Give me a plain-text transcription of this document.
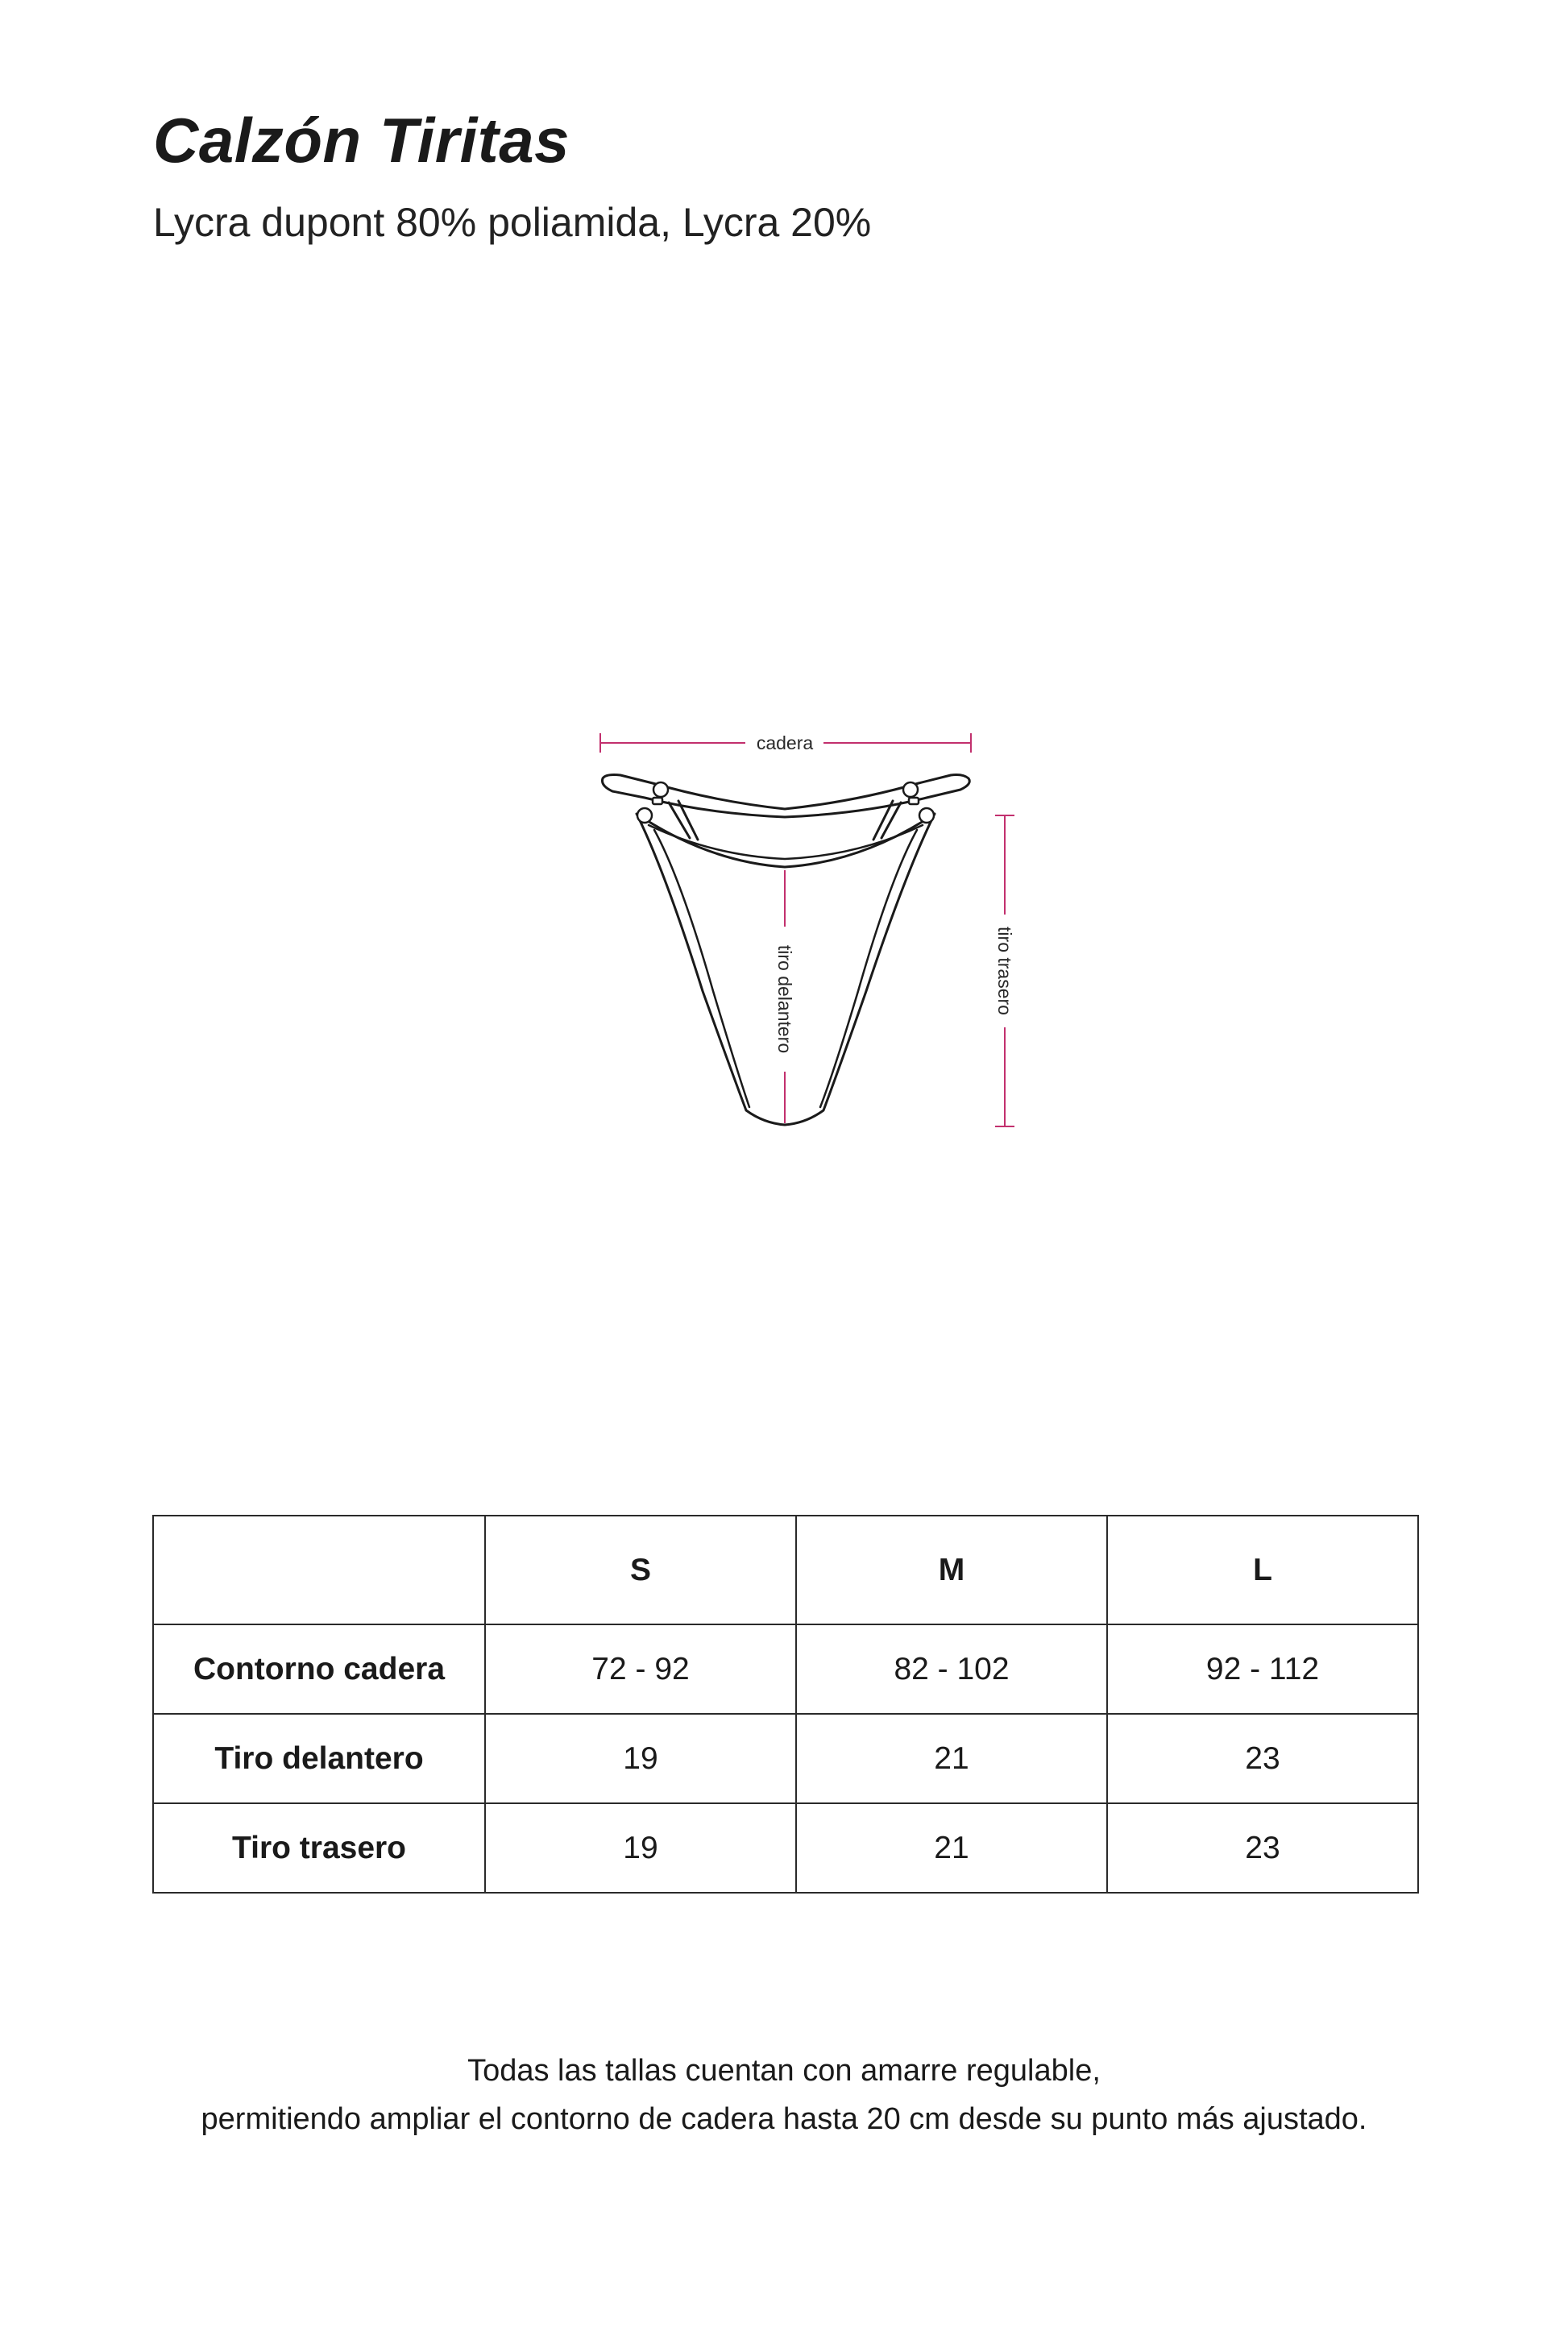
Calzón Tiritas
Lycra dupont 80% poliamida, Lycra 20%
cadera
tiro delantero	tiro trasero
	S	M	L
Contorno cadera	72 - 92	82 - 102	92 - 112
Tiro delantero	19	21	23
Tiro trasero	19	21	23

Todas las tallas cuentan con amarre regulable,

permitiendo ampliar el contorno de cadera hasta 20 cm desde su punto más ajustado.
